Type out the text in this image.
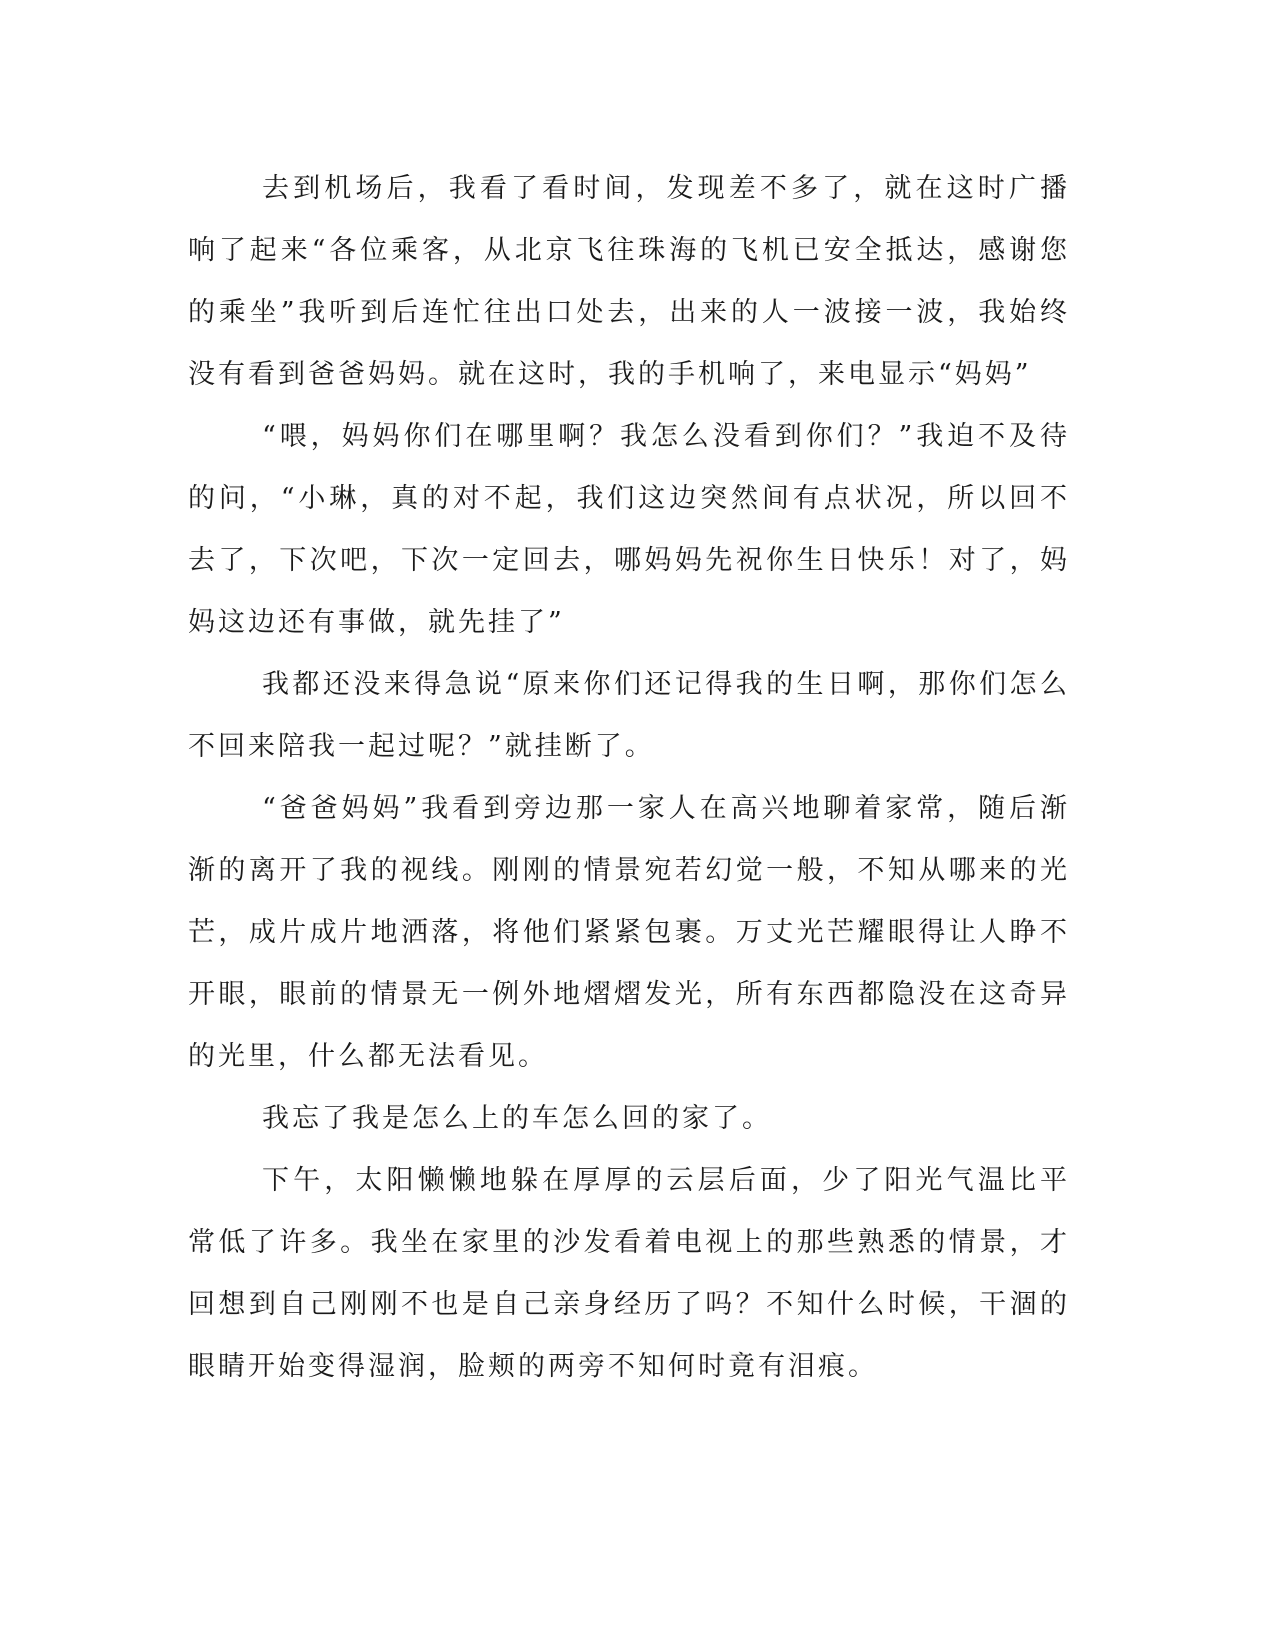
去到机场后，我看了看时间，发现差不多了，就在这时广播响了起来“各位乘客，从北京飞往珠海的飞机已安全抵达，感谢您的乘坐”我听到后连忙往出口处去，出来的人一波接一波，我始终没有看到爸爸妈妈。就在这时，我的手机响了，来电显示“妈妈”

“喂，妈妈你们在哪里啊？我怎么没看到你们？”我迫不及待的问，“小琳，真的对不起，我们这边突然间有点状况，所以回不去了，下次吧，下次一定回去，哪妈妈先祝你生日快乐！对了，妈妈这边还有事做，就先挂了”

我都还没来得急说“原来你们还记得我的生日啊，那你们怎么不回来陪我一起过呢？”就挂断了。

“爸爸妈妈”我看到旁边那一家人在高兴地聊着家常，随后渐渐的离开了我的视线。刚刚的情景宛若幻觉一般，不知从哪来的光芒，成片成片地洒落，将他们紧紧包裹。万丈光芒耀眼得让人睁不开眼，眼前的情景无一例外地熠熠发光，所有东西都隐没在这奇异的光里，什么都无法看见。

我忘了我是怎么上的车怎么回的家了。

下午，太阳懒懒地躲在厚厚的云层后面，少了阳光气温比平常低了许多。我坐在家里的沙发看着电视上的那些熟悉的情景，才回想到自己刚刚不也是自己亲身经历了吗？不知什么时候，干涸的眼睛开始变得湿润，脸颊的两旁不知何时竟有泪痕。
